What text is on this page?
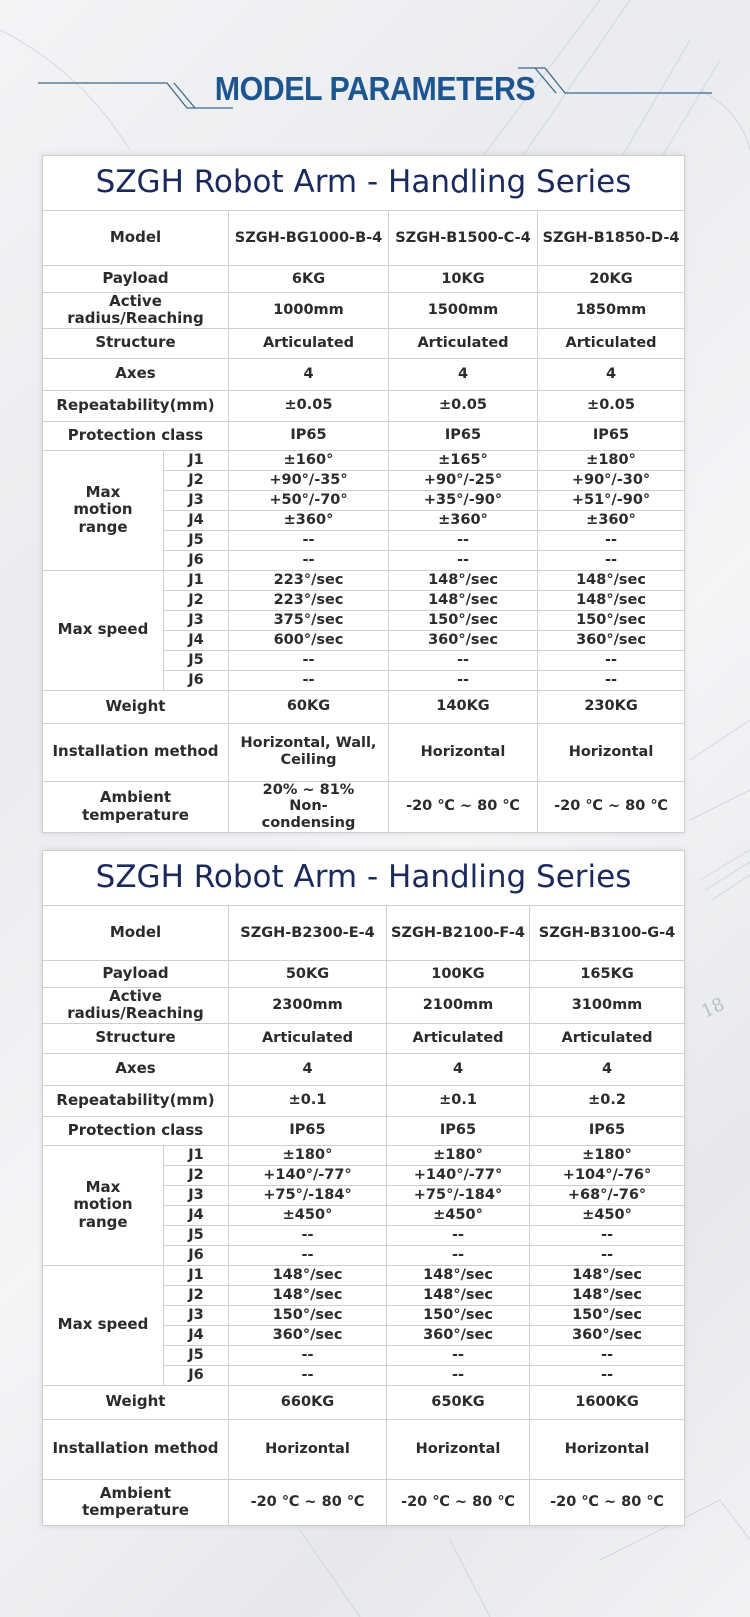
18
MODEL PARAMETERS
SZGH Robot Arm - Handling Series				
Model		SZGH-BG1000-B-4	SZGH-B1500-C-4	SZGH-B1850-D-4
Payload		6KG	10KG	20KG
Active radius/Reaching		1000mm	1500mm	1850mm
Structure		Articulated	Articulated	Articulated
Axes		4	4	4
Repeatability(mm)		±0.05	±0.05	±0.05
Protection class		IP65	IP65	IP65
Max motion range	J1	±160°	±165°	±180°
	J2	+90°/-35°	+90°/-25°	+90°/-30°
	J3	+50°/-70°	+35°/-90°	+51°/-90°
	J4	±360°	±360°	±360°
	J5	--	--	--
	J6	--	--	--
Max speed	J1	223°/sec	148°/sec	148°/sec
	J2	223°/sec	148°/sec	148°/sec
	J3	375°/sec	150°/sec	150°/sec
	J4	600°/sec	360°/sec	360°/sec
	J5	--	--	--
	J6	--	--	--
Weight		60KG	140KG	230KG
Installation method		Horizontal, Wall, Ceiling	Horizontal	Horizontal
Ambient temperature		20% ~ 81% Non-condensing	-20 ℃ ~ 80 ℃	-20 ℃ ~ 80 ℃
SZGH Robot Arm - Handling Series				
Model		SZGH-B2300-E-4	SZGH-B2100-F-4	SZGH-B3100-G-4
Payload		50KG	100KG	165KG
Active radius/Reaching		2300mm	2100mm	3100mm
Structure		Articulated	Articulated	Articulated
Axes		4	4	4
Repeatability(mm)		±0.1	±0.1	±0.2
Protection class		IP65	IP65	IP65
Max motion range	J1	±180°	±180°	±180°
	J2	+140°/-77°	+140°/-77°	+104°/-76°
	J3	+75°/-184°	+75°/-184°	+68°/-76°
	J4	±450°	±450°	±450°
	J5	--	--	--
	J6	--	--	--
Max speed	J1	148°/sec	148°/sec	148°/sec
	J2	148°/sec	148°/sec	148°/sec
	J3	150°/sec	150°/sec	150°/sec
	J4	360°/sec	360°/sec	360°/sec
	J5	--	--	--
	J6	--	--	--
Weight		660KG	650KG	1600KG
Installation method		Horizontal	Horizontal	Horizontal
Ambient temperature		-20 ℃ ~ 80 ℃	-20 ℃ ~ 80 ℃	-20 ℃ ~ 80 ℃
